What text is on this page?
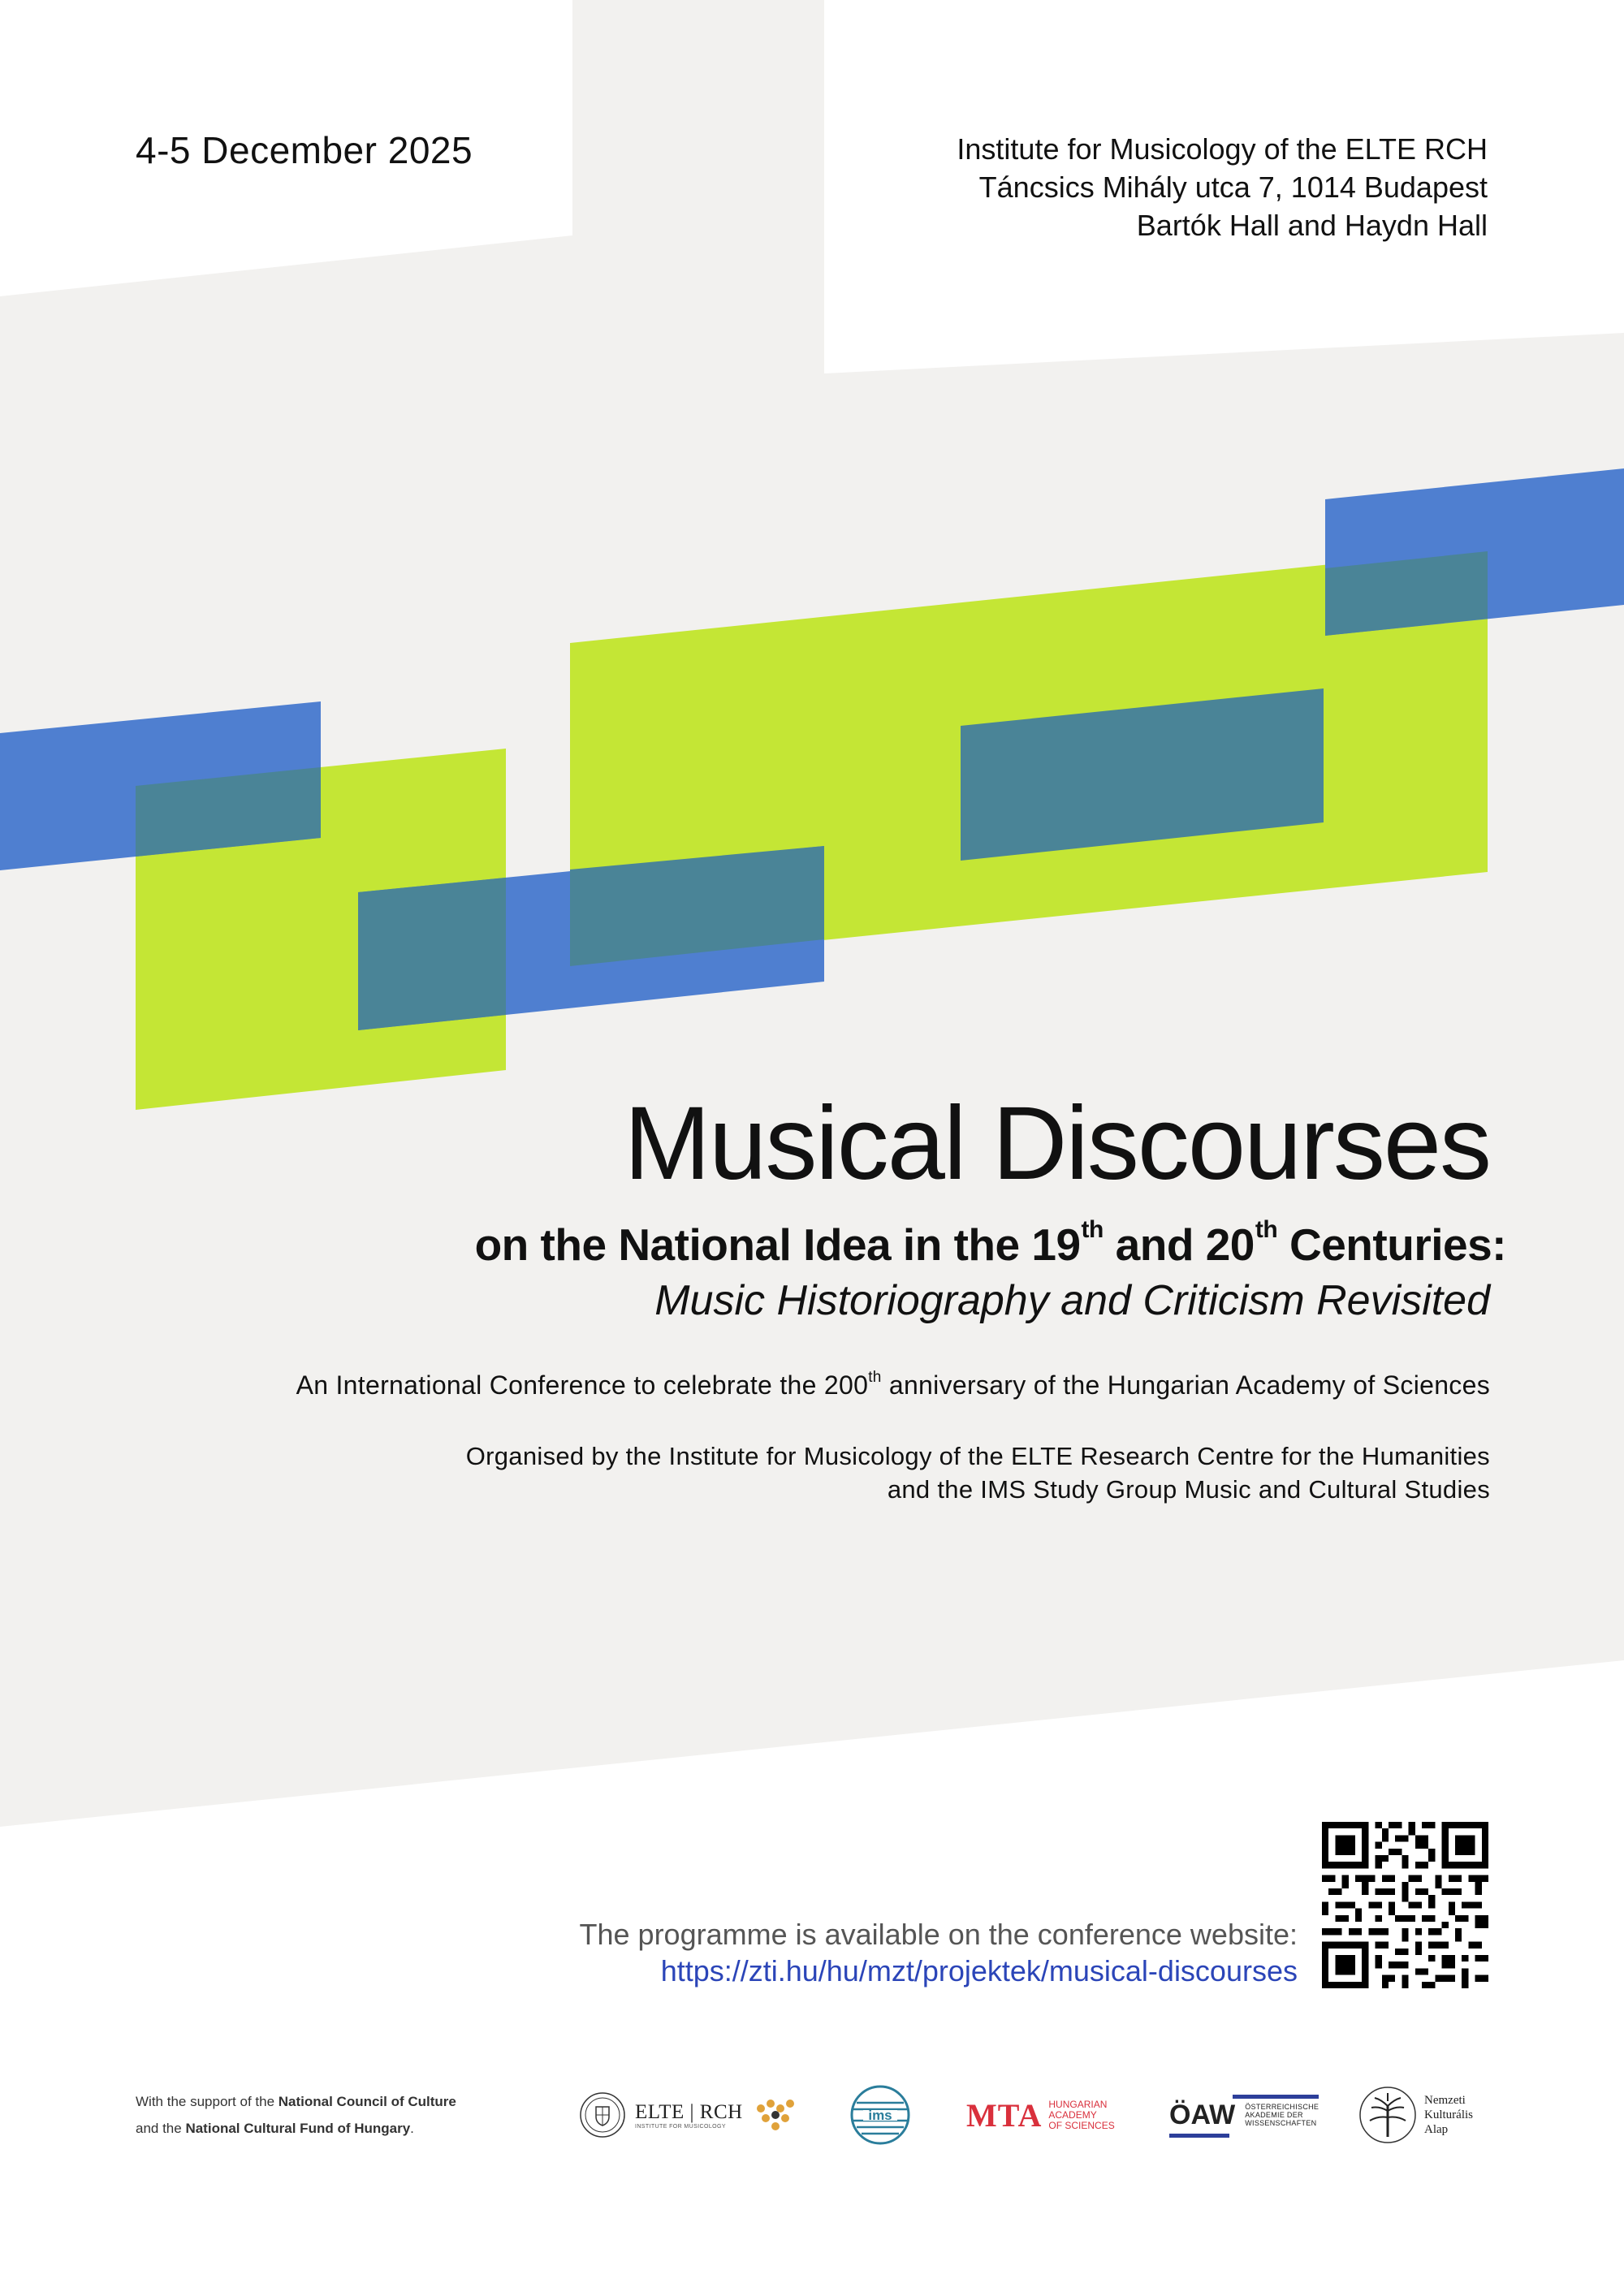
4-5 December 2025	Institute for Musicology of the ELTE RCH
Táncsics Mihály utca 7, 1014 Budapest
Bartók Hall and Haydn Hall
Musical Discourses
on the National Idea in the 19th and 20th Centuries:
Music Historiography and Criticism Revisited
An International Conference to celebrate the 200th anniversary of the Hungarian Academy of Sciences
Organised by the Institute for Musicology of the ELTE Research Centre for the Humanities
and the IMS Study Group Music and Cultural Studies
The programme is available on the conference website:
https://zti.hu/hu/mzt/projektek/musical-discourses
With the support of the National Council of Culture
and the National Cultural Fund of Hungary.
ELTE | RCH
INSTITUTE FOR MUSICOLOGY
ims MTA HUNGARIAN
ACADEMY
OF SCIENCES ÖAW ÖSTERREICHISCHE
AKADEMIE DER
WISSENSCHAFTEN
Nemzeti
Kulturális
Alap
